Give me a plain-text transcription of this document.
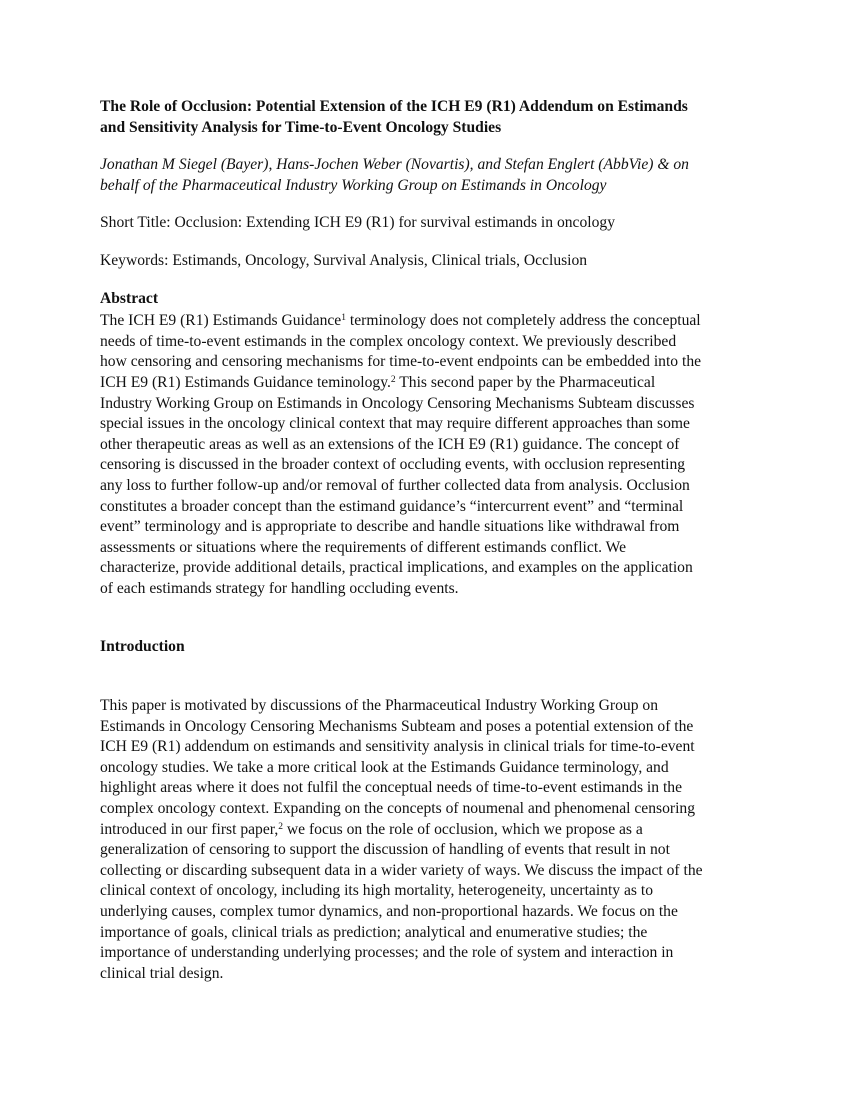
The Role of Occlusion: Potential Extension of the ICH E9 (R1) Addendum on Estimands
and Sensitivity Analysis for Time-to-Event Oncology Studies
Jonathan M Siegel (Bayer), Hans-Jochen Weber (Novartis), and Stefan Englert (AbbVie) & on
behalf of the Pharmaceutical Industry Working Group on Estimands in Oncology
Short Title: Occlusion: Extending ICH E9 (R1) for survival estimands in oncology
Keywords: Estimands, Oncology, Survival Analysis, Clinical trials, Occlusion
Abstract
The ICH E9 (R1) Estimands Guidance$^1$ terminology does not completely address the conceptual
needs of time-to-event estimands in the complex oncology context. We previously described
how censoring and censoring mechanisms for time-to-event endpoints can be embedded into the
ICH E9 (R1) Estimands Guidance teminology.$^2$ This second paper by the Pharmaceutical
Industry Working Group on Estimands in Oncology Censoring Mechanisms Subteam discusses
special issues in the oncology clinical context that may require different approaches than some
other therapeutic areas as well as an extensions of the ICH E9 (R1) guidance. The concept of
censoring is discussed in the broader context of occluding events, with occlusion representing
any loss to further follow-up and/or removal of further collected data from analysis. Occlusion
constitutes a broader concept than the estimand guidance’s “intercurrent event” and “terminal
event” terminology and is appropriate to describe and handle situations like withdrawal from
assessments or situations where the requirements of different estimands conflict. We
characterize, provide additional details, practical implications, and examples on the application
of each estimands strategy for handling occluding events.
Introduction
This paper is motivated by discussions of the Pharmaceutical Industry Working Group on
Estimands in Oncology Censoring Mechanisms Subteam and poses a potential extension of the
ICH E9 (R1) addendum on estimands and sensitivity analysis in clinical trials for time-to-event
oncology studies. We take a more critical look at the Estimands Guidance terminology, and
highlight areas where it does not fulfil the conceptual needs of time-to-event estimands in the
complex oncology context. Expanding on the concepts of noumenal and phenomenal censoring
introduced in our first paper,$^2$ we focus on the role of occlusion, which we propose as a
generalization of censoring to support the discussion of handling of events that result in not
collecting or discarding subsequent data in a wider variety of ways. We discuss the impact of the
clinical context of oncology, including its high mortality, heterogeneity, uncertainty as to
underlying causes, complex tumor dynamics, and non-proportional hazards. We focus on the
importance of goals, clinical trials as prediction; analytical and enumerative studies; the
importance of understanding underlying processes; and the role of system and interaction in
clinical trial design.
